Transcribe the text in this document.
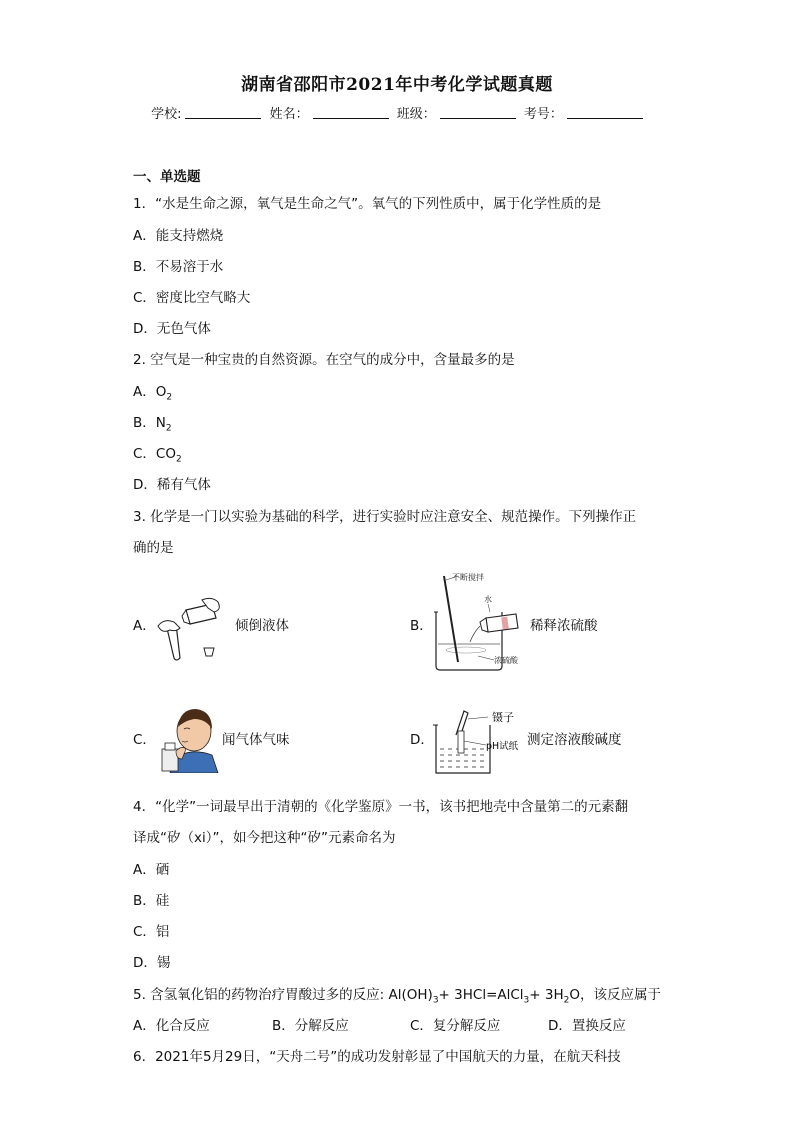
湖南省邵阳市2021年中考化学试题真题
学校:	姓名：	班级：	考号：
一、单选题
1．“水是生命之源，氧气是生命之气”。氧气的下列性质中，属于化学性质的是
A．能支持燃烧
B．不易溶于水
C．密度比空气略大
D．无色气体
2. 空气是一种宝贵的自然资源。在空气的成分中，含量最多的是
A．$O_2$
B．$N_2$
C．$CO_2$
D．稀有气体
3. 化学是一门以实验为基础的科学，进行实验时应注意安全、规范操作。下列操作正
确的是
A．	倾倒液体	B．
不断搅拌
水
浓硫酸
稀释浓硫酸
C．	闻气体气味	D．
镊子
pH试纸 测定溶液酸碱度
4．“化学”一词最早出于清朝的《化学鉴原》一书，该书把地壳中含量第二的元素翻
译成“矽（xi）”，如今把这种“矽”元素命名为
A．硒
B．硅
C．铝
D．锡
5. 含氢氧化铝的药物治疗胃酸过多的反应: $Al(OH)_3+$ 3HCl=AlCl$_3$+ $3H_2O$，该反应属于
A．化合反应	B．分解反应	C．复分解反应	D．置换反应
6．2021年5月29日，“天舟二号”的成功发射彰显了中国航天的力量，在航天科技
